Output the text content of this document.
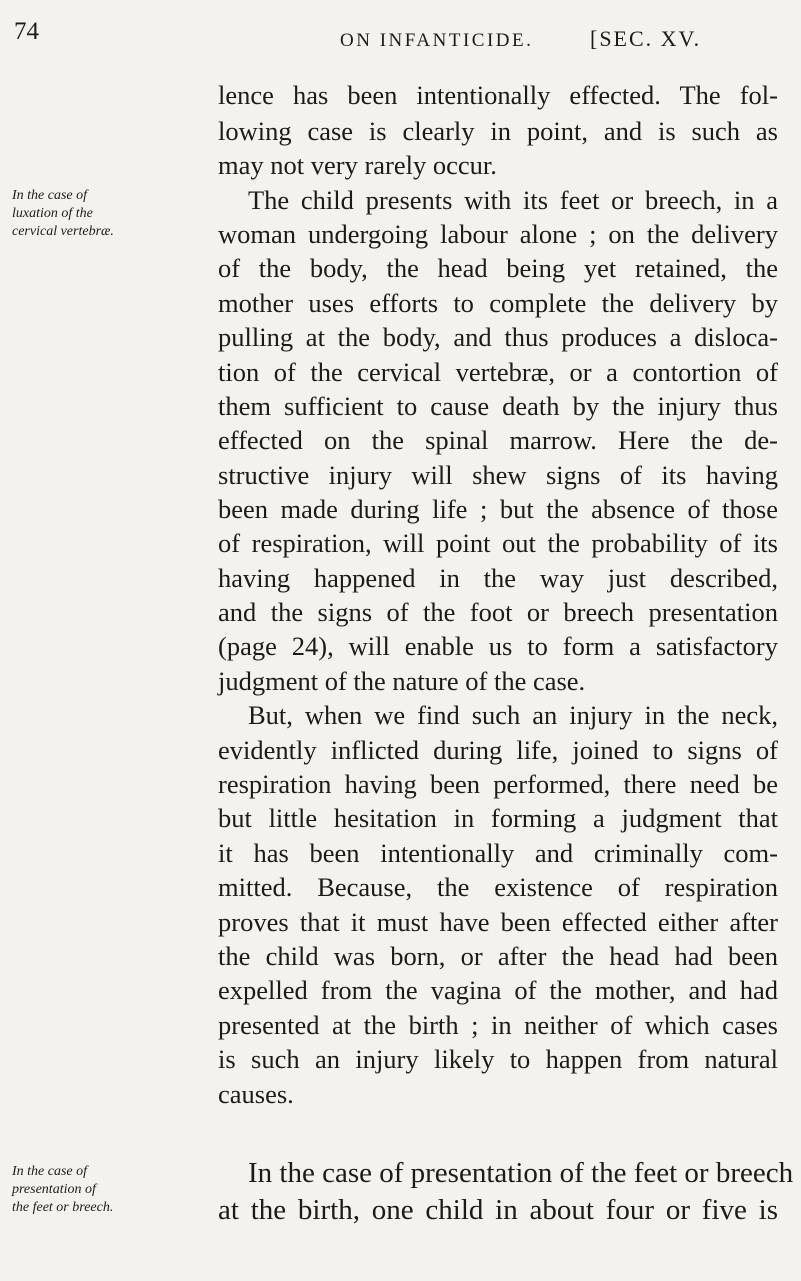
74	ON INFANTICIDE.	[SEC. XV.
In the case of
luxation of the
cervical vertebræ.
In the case of
presentation of
the feet or breech.
lence has been intentionally effected. The fol-
lowing case is clearly in point, and is such as
may not very rarely occur.
The child presents with its feet or breech, in a
woman undergoing labour alone ; on the delivery
of the body, the head being yet retained, the
mother uses efforts to complete the delivery by
pulling at the body, and thus produces a disloca-
tion of the cervical vertebræ, or a contortion of
them sufficient to cause death by the injury thus
effected on the spinal marrow. Here the de-
structive injury will shew signs of its having
been made during life ; but the absence of those
of respiration, will point out the probability of its
having happened in the way just described,
and the signs of the foot or breech presentation
(page 24), will enable us to form a satisfactory
judgment of the nature of the case.
But, when we find such an injury in the neck,
evidently inflicted during life, joined to signs of
respiration having been performed, there need be
but little hesitation in forming a judgment that
it has been intentionally and criminally com-
mitted. Because, the existence of respiration
proves that it must have been effected either after
the child was born, or after the head had been
expelled from the vagina of the mother, and had
presented at the birth ; in neither of which cases
is such an injury likely to happen from natural
causes.
In the case of presentation of the feet or breech
at the birth, one child in about four or five is
